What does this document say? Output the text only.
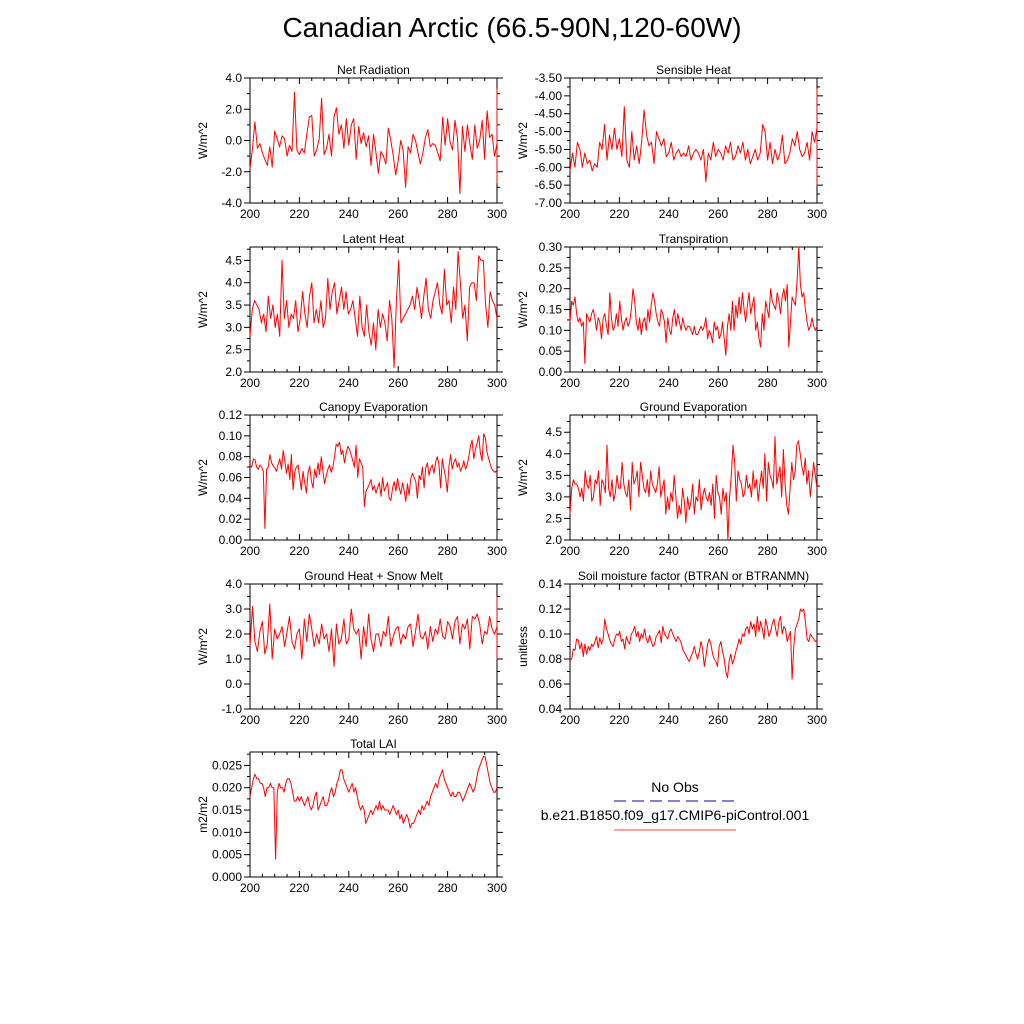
Canadian Arctic (66.5-90N,120-60W)
Net Radiation
W/m^2
200 220 240 260 280 300
-4.0
-2.0
0.0
2.0
4.0
Sensible Heat
W/m^2
200 220 240 260 280 300
-7.00
-6.50
-6.00
-5.50
-5.00
-4.50
-4.00
-3.50
Latent Heat
W/m^2
200 220 240 260 280 300
2.0
2.5
3.0
3.5
4.0
4.5
Transpiration
W/m^2
200 220 240 260 280 300
0.00
0.05
0.10
0.15
0.20
0.25
0.30
Canopy Evaporation
W/m^2
200 220 240 260 280 300
0.00
0.02
0.04
0.06
0.08
0.10
0.12
Ground Evaporation
W/m^2
200 220 240 260 280 300
2.0
2.5
3.0
3.5
4.0
4.5
Ground Heat + Snow Melt
W/m^2
200 220 240 260 280 300
-1.0
0.0
1.0
2.0
3.0
4.0
Soil moisture factor (BTRAN or BTRANMN)
unitless
200 220 240 260 280 300
0.04
0.06
0.08
0.10
0.12
0.14
Total LAI
m2/m2
200 220 240 260 280 300
0.000
0.005
0.010
0.015
0.020
0.025
No Obs
b.e21.B1850.f09_g17.CMIP6-piControl.001
